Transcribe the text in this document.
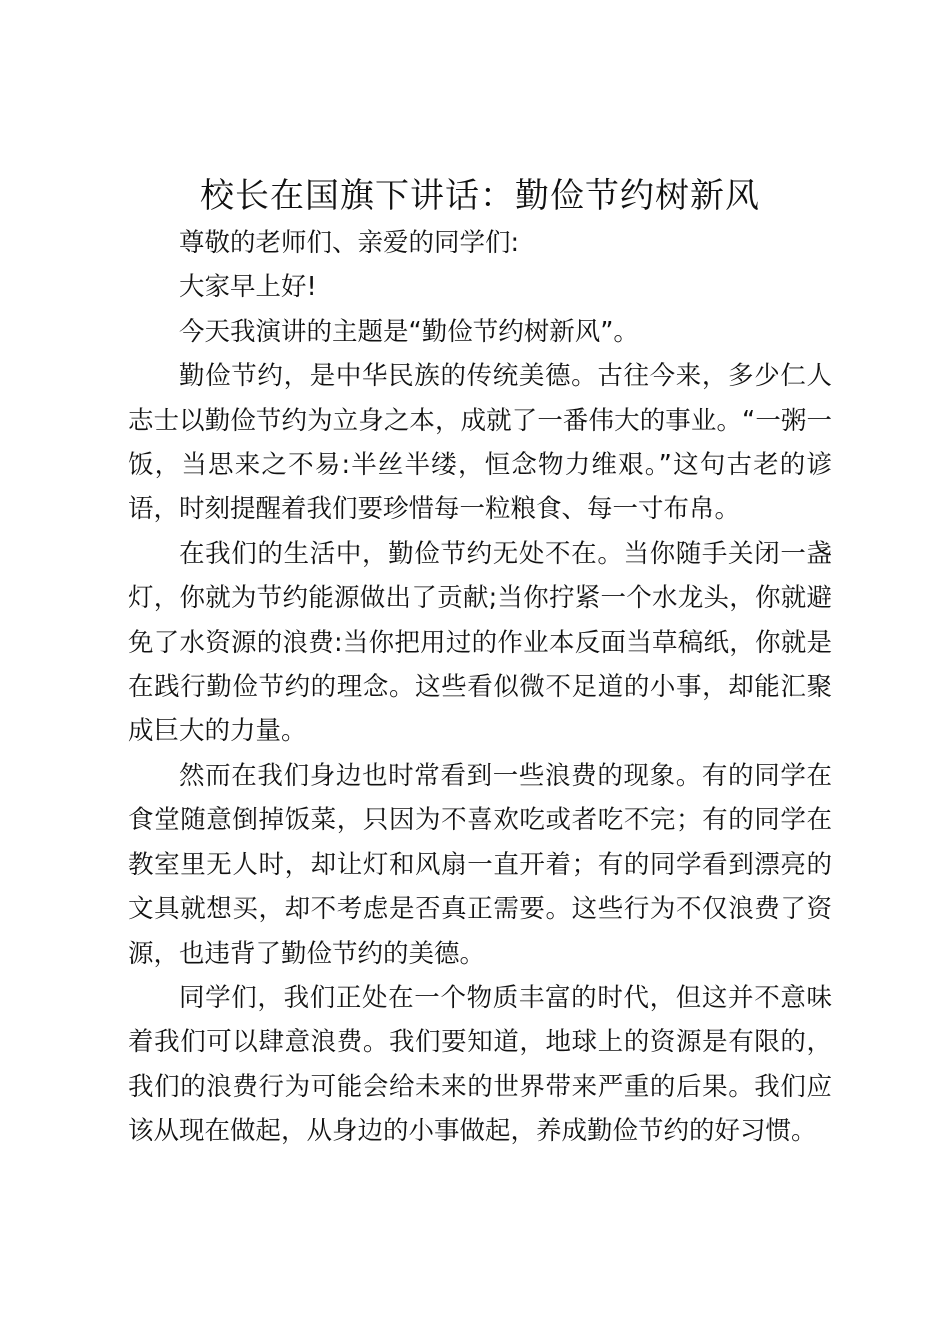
校长在国旗下讲话：勤俭节约树新风

尊敬的老师们、亲爱的同学们:

大家早上好!

今天我演讲的主题是“勤俭节约树新风”。

勤俭节约，是中华民族的传统美德。古往今来，多少仁人志士以勤俭节约为立身之本，成就了一番伟大的事业。“一粥一饭，当思来之不易:半丝半缕，恒念物力维艰。”这句古老的谚语，时刻提醒着我们要珍惜每一粒粮食、每一寸布帛。

在我们的生活中，勤俭节约无处不在。当你随手关闭一盏灯，你就为节约能源做出了贡献;当你拧紧一个水龙头，你就避免了水资源的浪费:当你把用过的作业本反面当草稿纸，你就是在践行勤俭节约的理念。这些看似微不足道的小事，却能汇聚成巨大的力量。

然而在我们身边也时常看到一些浪费的现象。有的同学在食堂随意倒掉饭菜，只因为不喜欢吃或者吃不完；有的同学在教室里无人时，却让灯和风扇一直开着；有的同学看到漂亮的文具就想买，却不考虑是否真正需要。这些行为不仅浪费了资源，也违背了勤俭节约的美德。

同学们，我们正处在一个物质丰富的时代，但这并不意味着我们可以肆意浪费。我们要知道，地球上的资源是有限的，我们的浪费行为可能会给未来的世界带来严重的后果。我们应该从现在做起，从身边的小事做起，养成勤俭节约的好习惯。
